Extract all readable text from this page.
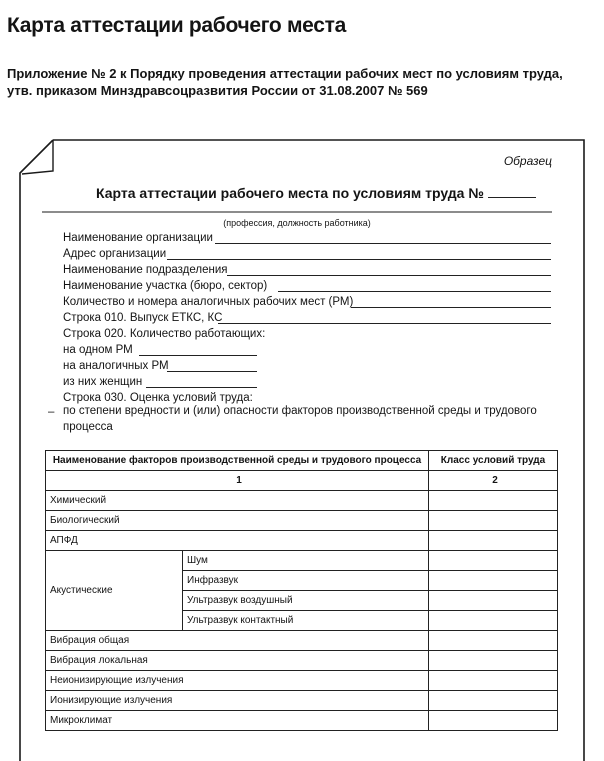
Карта аттестации рабочего места
Приложение № 2 к Порядку проведения аттестации рабочих мест по условиям труда,
утв. приказом Минздравсоцразвития России от 31.08.2007 № 569
Образец
Карта аттестации рабочего места по условиям труда №
(профессия, должность работника)
Наименование организации
Адрес организации
Наименование подразделения
Наименование участка (бюро, сектор)
Количество и номера аналогичных рабочих мест (РМ)
Строка 010. Выпуск ЕТКС, КС
Строка 020. Количество работающих:
на одном РМ
на аналогичных РМ
из них женщин
Строка 030. Оценка условий труда:
– по степени вредности и (или) опасности факторов производственной среды и трудового процесса
Наименование факторов производственной среды и трудового процесса		Класс условий труда
1		2
Химический		
Биологический		
АПФД		
Акустические	Шум	
	Инфразвук	
	Ультразвук воздушный	
	Ультразвук контактный	
Вибрация общая		
Вибрация локальная		
Неионизирующие излучения		
Ионизирующие излучения		
Микроклимат		
